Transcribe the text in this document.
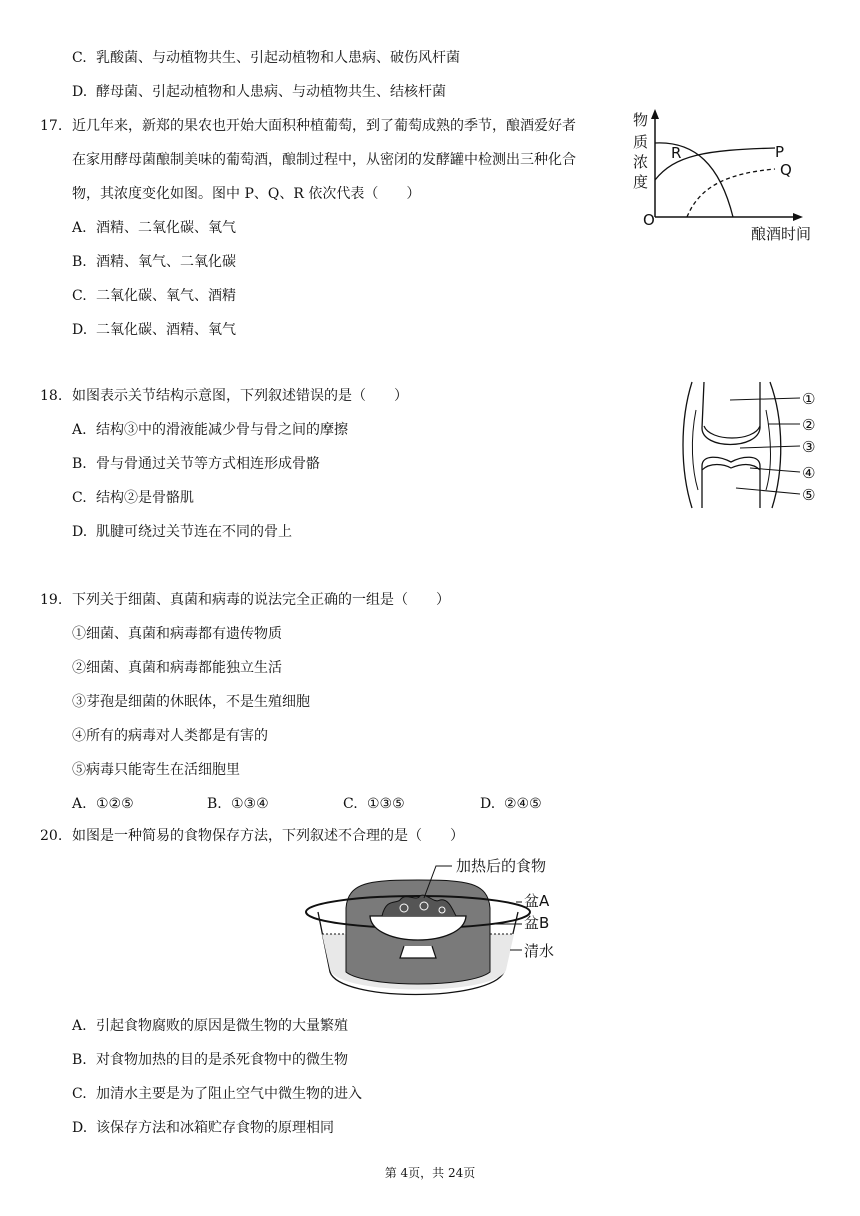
C. 乳酸菌、与动植物共生、引起动植物和人患病、破伤风杆菌
D. 酵母菌、引起动植物和人患病、与动植物共生、结核杆菌
17. 近几年来，新郑的果农也开始大面积种植葡萄，到了葡萄成熟的季节，酿酒爱好者
在家用酵母菌酿制美味的葡萄酒，酿制过程中，从密闭的发酵罐中检测出三种化合
物，其浓度变化如图。图中 P、Q、R 依次代表（　　）
A. 酒精、二氧化碳、氧气
B. 酒精、氧气、二氧化碳
C. 二氧化碳、氧气、酒精
D. 二氧化碳、酒精、氧气
物
质
浓
度
O
酿酒时间
R	P
Q
18. 如图表示关节结构示意图，下列叙述错误的是（　　）
A. 结构③中的滑液能减少骨与骨之间的摩擦
B. 骨与骨通过关节等方式相连形成骨骼
C. 结构②是骨骼肌
D. 肌腱可绕过关节连在不同的骨上
①
②
③
④
⑤
19. 下列关于细菌、真菌和病毒的说法完全正确的一组是（　　）
①细菌、真菌和病毒都有遗传物质
②细菌、真菌和病毒都能独立生活
③芽孢是细菌的休眠体，不是生殖细胞
④所有的病毒对人类都是有害的
⑤病毒只能寄生在活细胞里
A. ①②⑤	B. ①③④	C. ①③⑤	D. ②④⑤
20. 如图是一种简易的食物保存方法，下列叙述不合理的是（　　）
加热后的食物
盆A
盆B
清水
A. 引起食物腐败的原因是微生物的大量繁殖
B. 对食物加热的目的是杀死食物中的微生物
C. 加清水主要是为了阻止空气中微生物的进入
D. 该保存方法和冰箱贮存食物的原理相同
第 4页，共 24页
